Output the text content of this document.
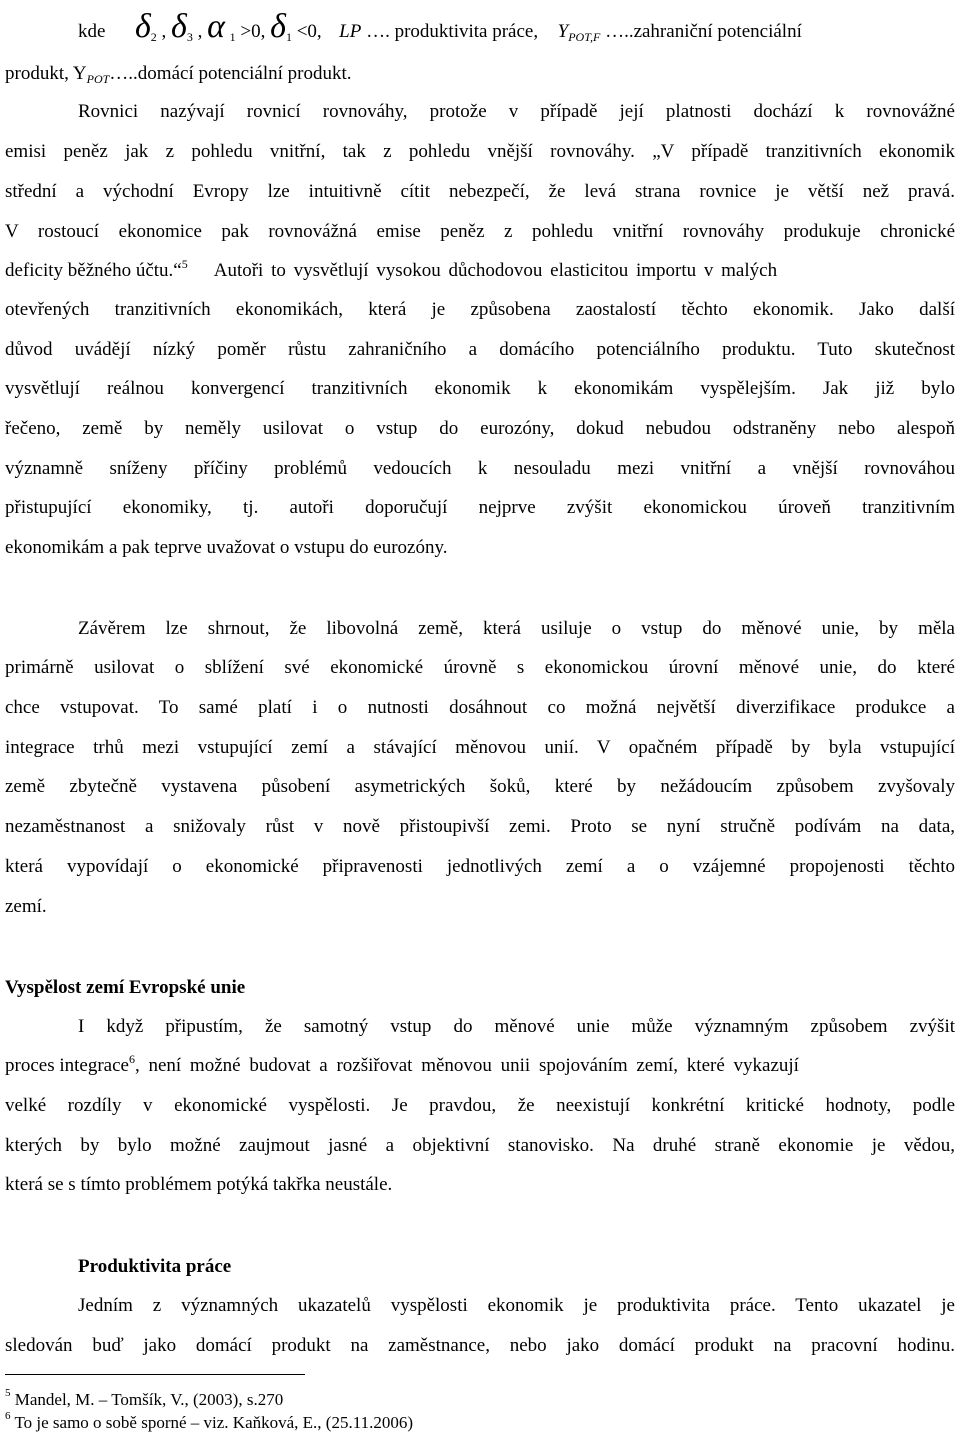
kde $\delta_2$ , $\delta_3$ , α $_1$ >0, $\delta_1 <0$, LP …. produktivita práce, $Y_{POT,F}$ …..zahraniční potenciální
produkt, $Y_{POT}\dots..domácí$ potenciální produkt.
Rovnici nazývají rovnicí rovnováhy, protože v případě její platnosti dochází k rovnovážné
emisi peněz jak z pohledu vnitřní, tak z pohledu vnější rovnováhy. „V případě tranzitivních ekonomik
střední a východní Evropy lze intuitivně cítit nebezpečí, že levá strana rovnice je větší než pravá.
V rostoucí ekonomice pak rovnovážná emise peněz z pohledu vnitřní rovnováhy produkuje chronické
deficity běžného účtu.“$^5$ Autoři to vysvětlují vysokou důchodovou elasticitou importu v malých
otevřených tranzitivních ekonomikách, která je způsobena zaostalostí těchto ekonomik. Jako další
důvod uvádějí nízký poměr růstu zahraničního a domácího potenciálního produktu. Tuto skutečnost
vysvětlují reálnou konvergencí tranzitivních ekonomik k ekonomikám vyspělejším. Jak již bylo
řečeno, země by neměly usilovat o vstup do eurozóny, dokud nebudou odstraněny nebo alespoň
významně sníženy příčiny problémů vedoucích k nesouladu mezi vnitřní a vnější rovnováhou
přistupující ekonomiky, tj. autoři doporučují nejprve zvýšit ekonomickou úroveň tranzitivním
ekonomikám a pak teprve uvažovat o vstupu do eurozóny.
Závěrem lze shrnout, že libovolná země, která usiluje o vstup do měnové unie, by měla
primárně usilovat o sblížení své ekonomické úrovně s ekonomickou úrovní měnové unie, do které
chce vstupovat. To samé platí i o nutnosti dosáhnout co možná největší diverzifikace produkce a
integrace trhů mezi vstupující zemí a stávající měnovou unií. V opačném případě by byla vstupující
země zbytečně vystavena působení asymetrických šoků, které by nežádoucím způsobem zvyšovaly
nezaměstnanost a snižovaly růst v nově přistoupivší zemi. Proto se nyní stručně podívám na data,
která vypovídají o ekonomické připravenosti jednotlivých zemí a o vzájemné propojenosti těchto
zemí.
Vyspělost zemí Evropské unie
I když připustím, že samotný vstup do měnové unie může významným způsobem zvýšit
proces integrace$^6$, není možné budovat a rozšiřovat měnovou unii spojováním zemí, které vykazují
velké rozdíly v ekonomické vyspělosti. Je pravdou, že neexistují konkrétní kritické hodnoty, podle
kterých by bylo možné zaujmout jasné a objektivní stanovisko. Na druhé straně ekonomie je vědou,
která se s tímto problémem potýká takřka neustále.
Produktivita práce
Jedním z významných ukazatelů vyspělosti ekonomik je produktivita práce. Tento ukazatel je
sledován buď jako domácí produkt na zaměstnance, nebo jako domácí produkt na pracovní hodinu.
$^5$ Mandel, M. – Tomšík, V., (2003), s.270
$^6$ To je samo o sobě sporné – viz. Kaňková, E., (25.11.2006)
